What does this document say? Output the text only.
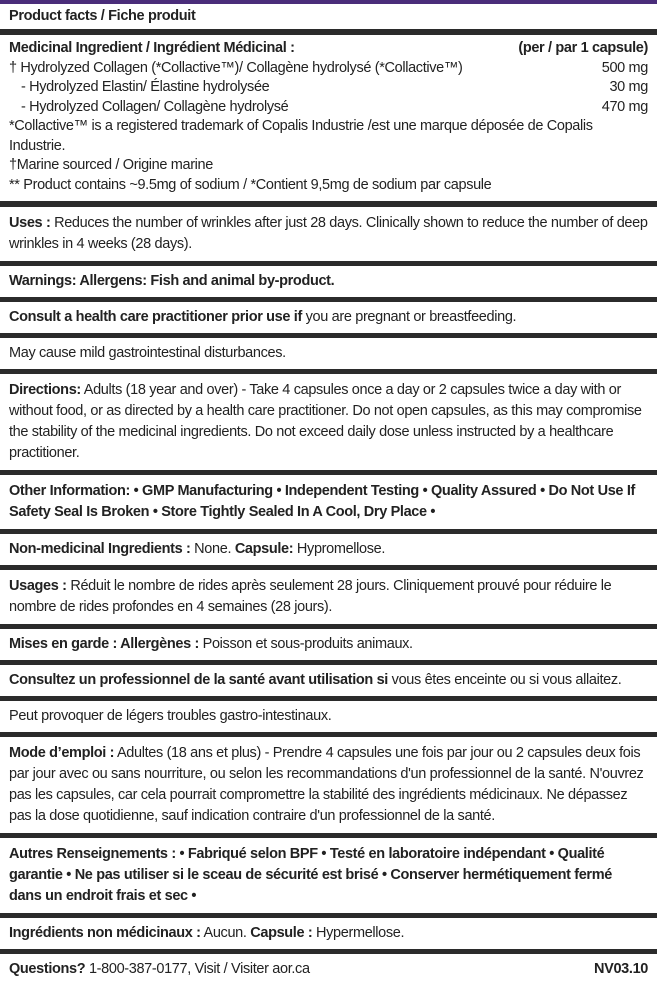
Product facts / Fiche produit
Medicinal Ingredient / Ingrédient Médicinal :	(per / par 1 capsule)
† Hydrolyzed Collagen (*Collactive™)/ Collagène hydrolysé (*Collactive™)	500 mg
- Hydrolyzed Elastin/ Élastine hydrolysée	30 mg
- Hydrolyzed Collagen/ Collagène hydrolysé	470 mg
*Collactive™ is a registered trademark of Copalis Industrie /est une marque déposée de Copalis Industrie.
†Marine sourced / Origine marine
** Product contains ~9.5mg of sodium / *Contient 9,5mg de sodium par capsule
Uses : Reduces the number of wrinkles after just 28 days. Clinically shown to reduce the number of deep wrinkles in 4 weeks (28 days).
Warnings: Allergens: Fish and animal by-product.
Consult a health care practitioner prior use if you are pregnant or breastfeeding.
May cause mild gastrointestinal disturbances.
Directions: Adults (18 year and over) - Take 4 capsules once a day or 2 capsules twice a day with or without food, or as directed by a health care practitioner. Do not open capsules, as this may compromise the stability of the medicinal ingredients. Do not exceed daily dose unless instructed by a healthcare practitioner.
Other Information: • GMP Manufacturing • Independent Testing • Quality Assured • Do Not Use If Safety Seal Is Broken • Store Tightly Sealed In A Cool, Dry Place •
Non-medicinal Ingredients : None. Capsule: Hypromellose.
Usages : Réduit le nombre de rides après seulement 28 jours. Cliniquement prouvé pour réduire le nombre de rides profondes en 4 semaines (28 jours).
Mises en garde : Allergènes : Poisson et sous-produits animaux.
Consultez un professionnel de la santé avant utilisation si vous êtes enceinte ou si vous allaitez.
Peut provoquer de légers troubles gastro-intestinaux.
Mode d’emploi : Adultes (18 ans et plus) - Prendre 4 capsules une fois par jour ou 2 capsules deux fois par jour avec ou sans nourriture, ou selon les recommandations d'un professionnel de la santé. N'ouvrez pas les capsules, car cela pourrait compromettre la stabilité des ingrédients médicinaux. Ne dépassez pas la dose quotidienne, sauf indication contraire d'un professionnel de la santé.
Autres Renseignements : • Fabriqué selon BPF • Testé en laboratoire indépendant • Qualité garantie • Ne pas utiliser si le sceau de sécurité est brisé • Conserver hermétiquement fermé dans un endroit frais et sec •
Ingrédients non médicinaux : Aucun. Capsule : Hypermellose.
Questions? 1-800-387-0177, Visit / Visiter aor.ca	NV03.10
